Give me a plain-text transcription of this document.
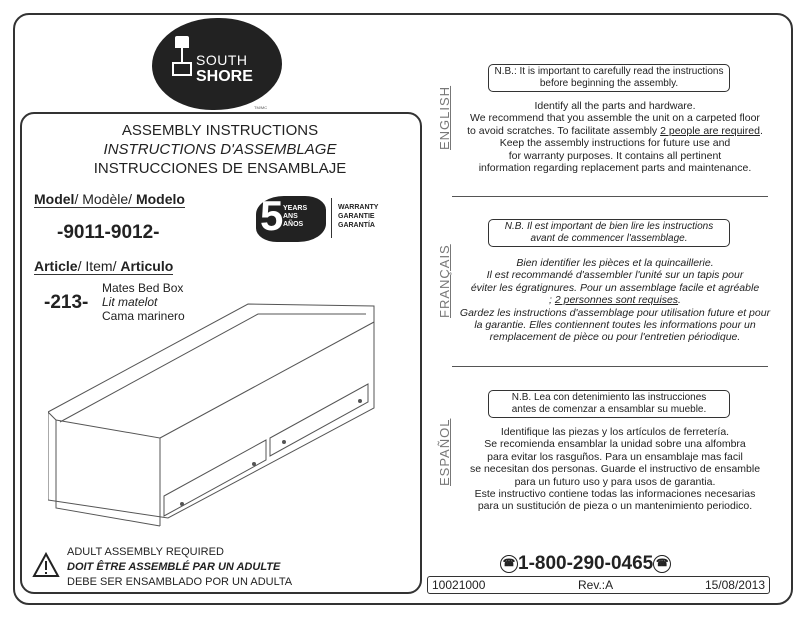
SOUTH
SHORE
TM/MC
ASSEMBLY INSTRUCTIONS
INSTRUCTIONS D'ASSEMBLAGE
INSTRUCCIONES DE ENSAMBLAJE
Model/ Modèle/ Modelo
-9011-9012-
Article/ Item/ Articulo
-213-
Mates Bed Box
Lit matelot
Cama marinero
5 YEARS
ANS
AÑOS
WARRANTY
GARANTIE
GARANTÍA
ADULT ASSEMBLY REQUIRED
DOIT ÊTRE ASSEMBLÉ PAR UN ADULTE
DEBE SER ENSAMBLADO POR UN ADULTA
ENGLISH
N.B.: It is important to carefully read the instructions
before beginning the assembly.
Identify all the parts and hardware.
We recommend that you assemble the unit on a carpeted floor
to avoid scratches. To facilitate assembly 2 people are required.
Keep the assembly instructions for future use and
for warranty purposes. It contains all pertinent
information regarding replacement parts and maintenance.
FRANÇAIS
N.B. Il est important de bien lire les instructions
avant de commencer l'assemblage.
Bien identifier les pièces et la quincaillerie.
Il est recommandé d'assembler l'unité sur un tapis pour
éviter les égratignures. Pour un assemblage facile et agréable
; 2 personnes sont requises.
Gardez les instructions d'assemblage pour utilisation future et pour
la garantie. Elles contiennent toutes les informations pour un
remplacement de pièce ou pour l'entretien périodique.
ESPAÑOL
N.B. Lea con detenimiento las instrucciones
antes de comenzar a ensamblar su mueble.
Identifique las piezas y los artículos de ferretería.
Se recomienda ensamblar la unidad sobre una alfombra
para evitar los rasguños. Para un ensamblaje mas facil
se necesitan dos personas. Guarde el instructivo de ensamble
para un futuro uso y para usos de garantia.
Este instructivo contiene todas las informaciones necesarias
para un sustitución de pieza o un mantenimiento periodico.
☎ 1-800-290-0465 ☎
10021000	Rev.:A	15/08/2013
